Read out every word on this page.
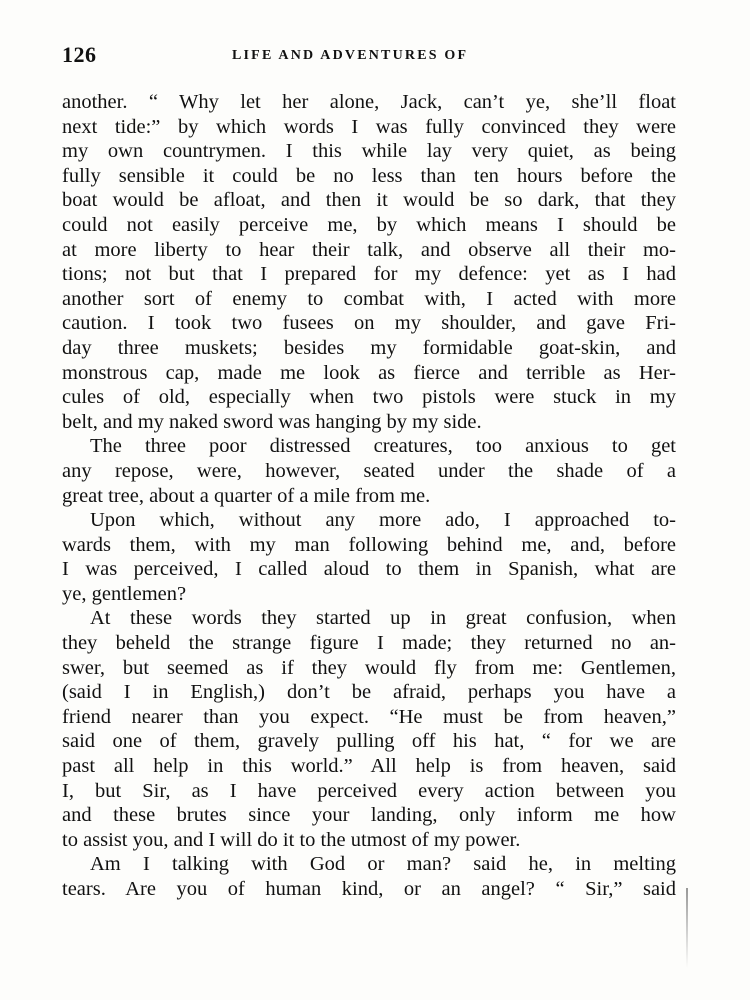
126	LIFE AND ADVENTURES OF
another. “ Why let her alone, Jack, can’t ye, she’ll float
next tide:” by which words I was fully convinced they were
my own countrymen. I this while lay very quiet, as being
fully sensible it could be no less than ten hours before the
boat would be afloat, and then it would be so dark, that they
could not easily perceive me, by which means I should be
at more liberty to hear their talk, and observe all their mo-
tions; not but that I prepared for my defence: yet as I had
another sort of enemy to combat with, I acted with more
caution. I took two fusees on my shoulder, and gave Fri-
day three muskets; besides my formidable goat-skin, and
monstrous cap, made me look as fierce and terrible as Her-
cules of old, especially when two pistols were stuck in my
belt, and my naked sword was hanging by my side.
The three poor distressed creatures, too anxious to get
any repose, were, however, seated under the shade of a
great tree, about a quarter of a mile from me.
Upon which, without any more ado, I approached to-
wards them, with my man following behind me, and, before
I was perceived, I called aloud to them in Spanish, what are
ye, gentlemen?
At these words they started up in great confusion, when
they beheld the strange figure I made; they returned no an-
swer, but seemed as if they would fly from me: Gentlemen,
(said I in English,) don’t be afraid, perhaps you have a
friend nearer than you expect. “He must be from heaven,”
said one of them, gravely pulling off his hat, “ for we are
past all help in this world.” All help is from heaven, said
I, but Sir, as I have perceived every action between you
and these brutes since your landing, only inform me how
to assist you, and I will do it to the utmost of my power.
Am I talking with God or man? said he, in melting
tears. Are you of human kind, or an angel? “ Sir,” said
